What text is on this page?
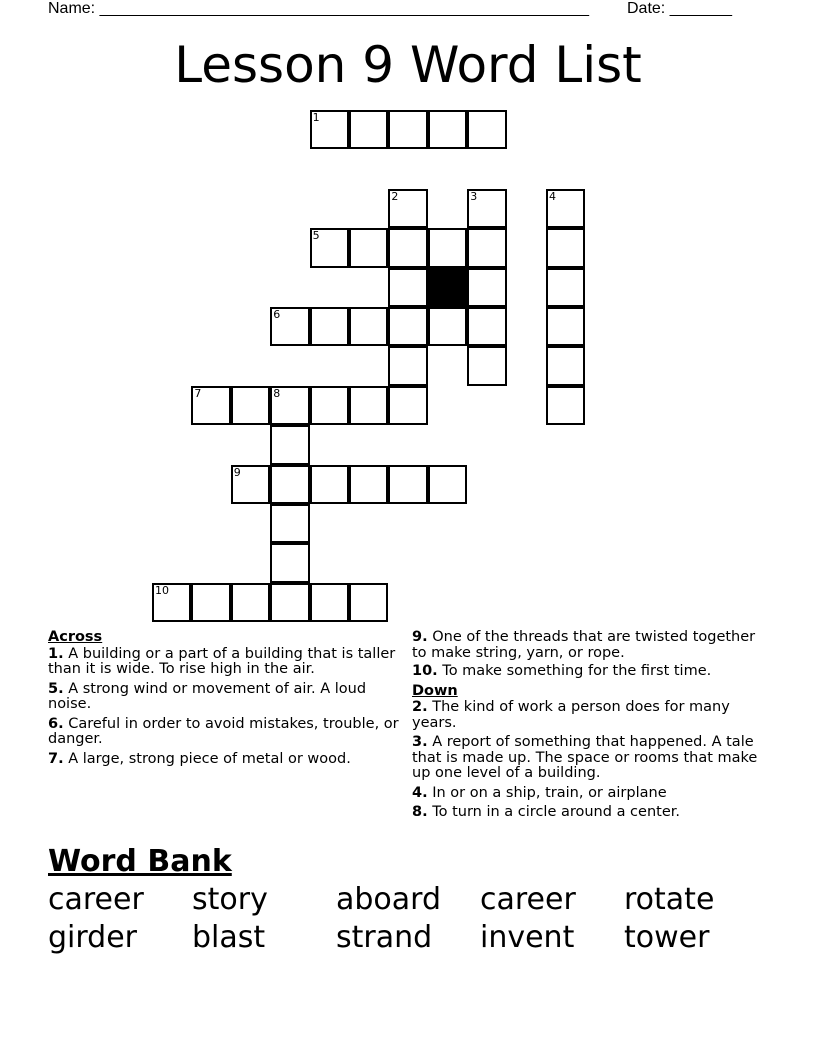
Name: _______________________________________________________ Date: _______
Lesson 9 Word List
1
2	3	4
5
6
7	8
9
10
Across
1. A building or a part of a building that is taller than it is wide. To rise high in the air.
5. A strong wind or movement of air. A loud noise.
6. Careful in order to avoid mistakes, trouble, or danger.
7. A large, strong piece of metal or wood.
9. One of the threads that are twisted together to make string, yarn, or rope.
10. To make something for the first time.
Down
2. The kind of work a person does for many years.
3. A report of something that happened. A tale that is made up. The space or rooms that make up one level of a building.
4. In or on a ship, train, or airplane
8. To turn in a circle around a center.
Word Bank
career story aboard career rotate
girder blast strand invent tower
